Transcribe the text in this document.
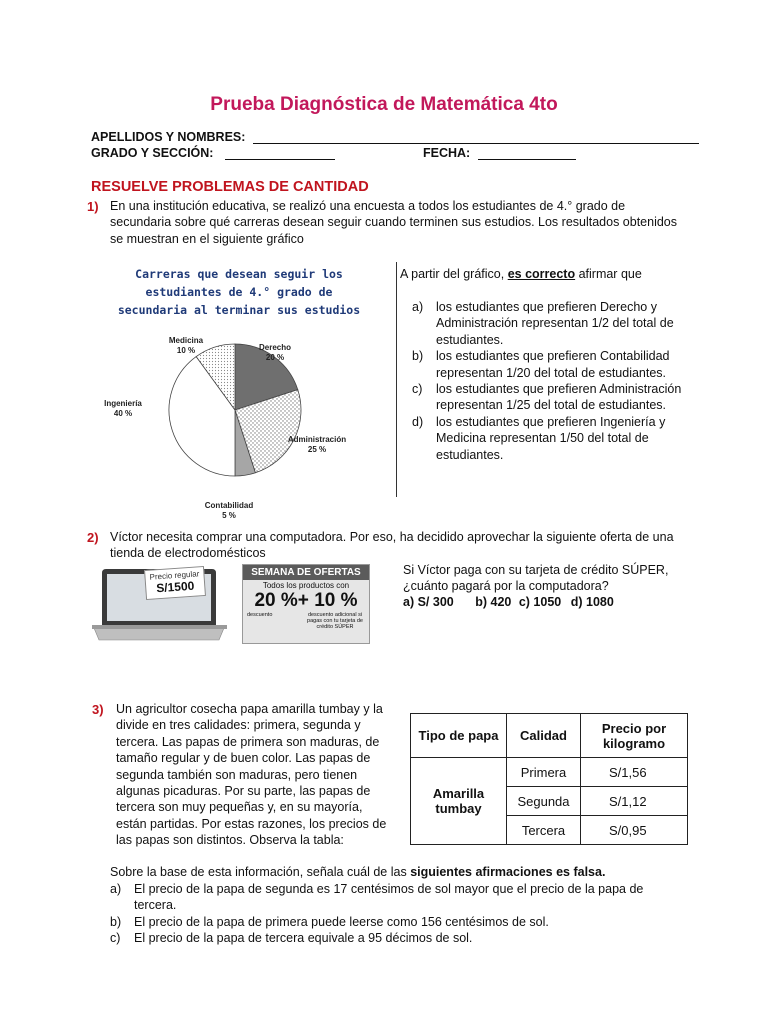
Prueba Diagnóstica de Matemática 4to
APELLIDOS Y NOMBRES:
GRADO Y SECCIÓN:	FECHA:
RESUELVE PROBLEMAS DE CANTIDAD
1) En una institución educativa, se realizó una encuesta a todos los estudiantes de 4.° grado de
secundaria sobre qué carreras desean seguir cuando terminen sus estudios. Los resultados obtenidos
se muestran en el siguiente gráfico
Carreras que desean seguir los
estudiantes de 4.° grado de
secundaria al terminar sus estudios
Derecho
20 %
Administración
25 %
Contabilidad
5 %
Ingeniería
40 %
Medicina
10 %
A partir del gráfico, es correcto afirmar que
a)	los estudiantes que prefieren Derecho y
Administración representan 1/2 del total de
estudiantes.
b)	los estudiantes que prefieren Contabilidad
representan 1/20 del total de estudiantes.
c)	los estudiantes que prefieren Administración
representan 1/25 del total de estudiantes.
d)	los estudiantes que prefieren Ingeniería y
Medicina representan 1/50 del total de
estudiantes.
2) Víctor necesita comprar una computadora. Por eso, ha decidido aprovechar la siguiente oferta de una
tienda de electrodomésticos
Precio regular
S/1500
SEMANA DE OFERTAS
Todos los productos con
20 %+ 10 %
descuento	descuento adicional si pagas con tu tarjeta de crédito SÚPER
Si Víctor paga con su tarjeta de crédito SÚPER,
¿cuánto pagará por la computadora?
a) S/ 300 b) 420 c) 1050 d) 1080
3) Un agricultor cosecha papa amarilla tumbay y la
divide en tres calidades: primera, segunda y
tercera. Las papas de primera son maduras, de
tamaño regular y de buen color. Las papas de
segunda también son maduras, pero tienen
algunas picaduras. Por su parte, las papas de
tercera son muy pequeñas y, en su mayoría,
están partidas. Por estas razones, los precios de
las papas son distintos. Observa la tabla:
Tipo de papa	Calidad	Precio por kilogramo
Amarilla tumbay	Primera	S/1,56
	Segunda	S/1,12
	Tercera	S/0,95
Sobre la base de esta información, señala cuál de las siguientes afirmaciones es falsa.
a)	El precio de la papa de segunda es 17 centésimos de sol mayor que el precio de la papa de
tercera.
b)	El precio de la papa de primera puede leerse como 156 centésimos de sol.
c)	El precio de la papa de tercera equivale a 95 décimos de sol.
